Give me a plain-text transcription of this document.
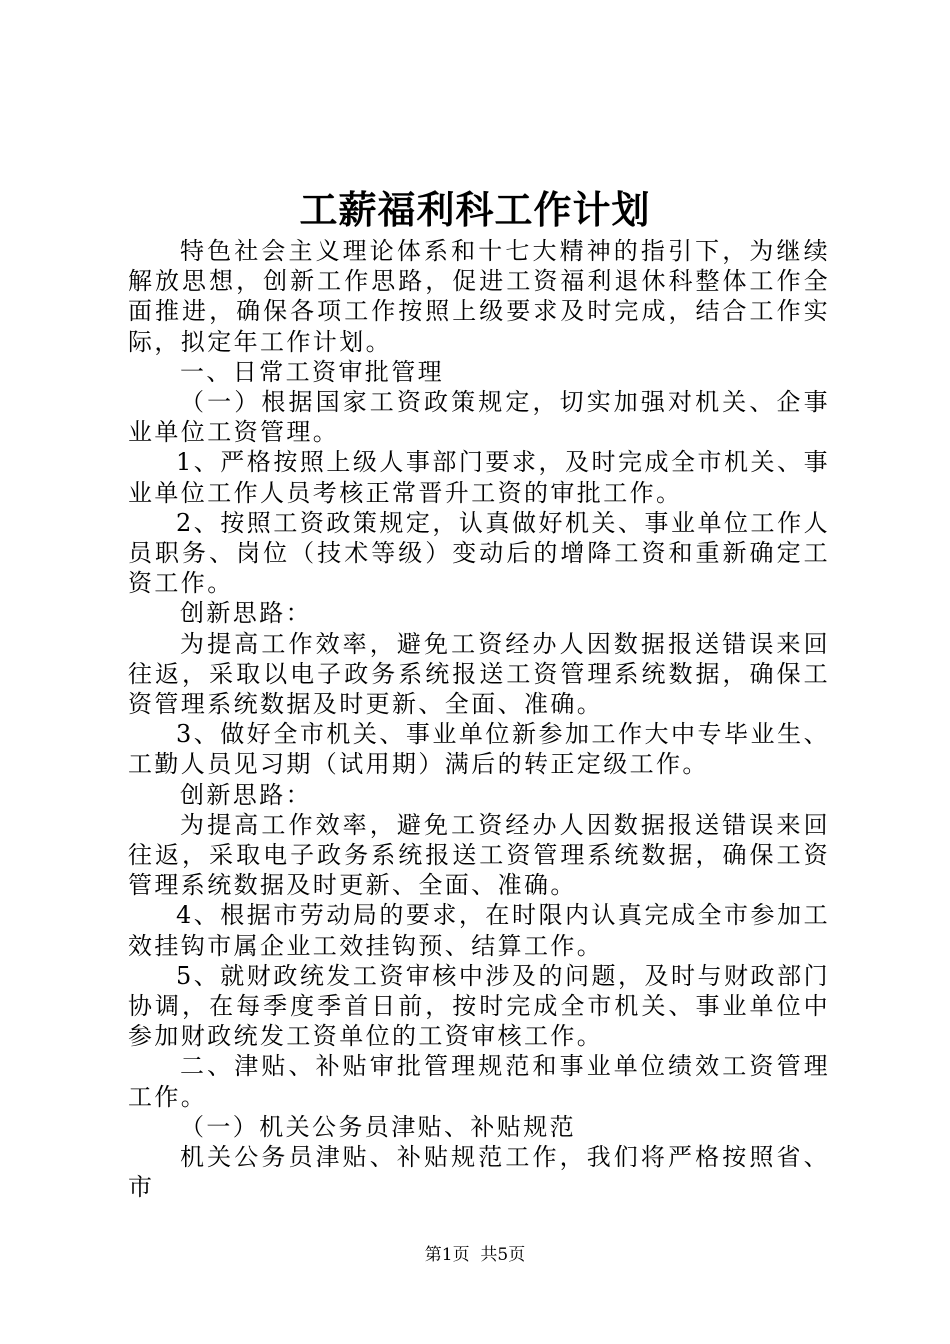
工薪福利科工作计划

特色社会主义理论体系和十七大精神的指引下，为继续解放思想，创新工作思路，促进工资福利退休科整体工作全面推进，确保各项工作按照上级要求及时完成，结合工作实际，拟定年工作计划。

一、日常工资审批管理

（一）根据国家工资政策规定，切实加强对机关、企事业单位工资管理。

1、严格按照上级人事部门要求，及时完成全市机关、事业单位工作人员考核正常晋升工资的审批工作。

2、按照工资政策规定，认真做好机关、事业单位工作人员职务、岗位（技术等级）变动后的增降工资和重新确定工资工作。

创新思路：

为提高工作效率，避免工资经办人因数据报送错误来回往返，采取以电子政务系统报送工资管理系统数据，确保工资管理系统数据及时更新、全面、准确。

3、做好全市机关、事业单位新参加工作大中专毕业生、工勤人员见习期（试用期）满后的转正定级工作。

创新思路：

为提高工作效率，避免工资经办人因数据报送错误来回往返，采取电子政务系统报送工资管理系统数据，确保工资管理系统数据及时更新、全面、准确。

4、根据市劳动局的要求，在时限内认真完成全市参加工效挂钩市属企业工效挂钩预、结算工作。

5、就财政统发工资审核中涉及的问题，及时与财政部门协调，在每季度季首日前，按时完成全市机关、事业单位中参加财政统发工资单位的工资审核工作。

二、津贴、补贴审批管理规范和事业单位绩效工资管理工作。

（一）机关公务员津贴、补贴规范

机关公务员津贴、补贴规范工作，我们将严格按照省、市

第1页 共5页
